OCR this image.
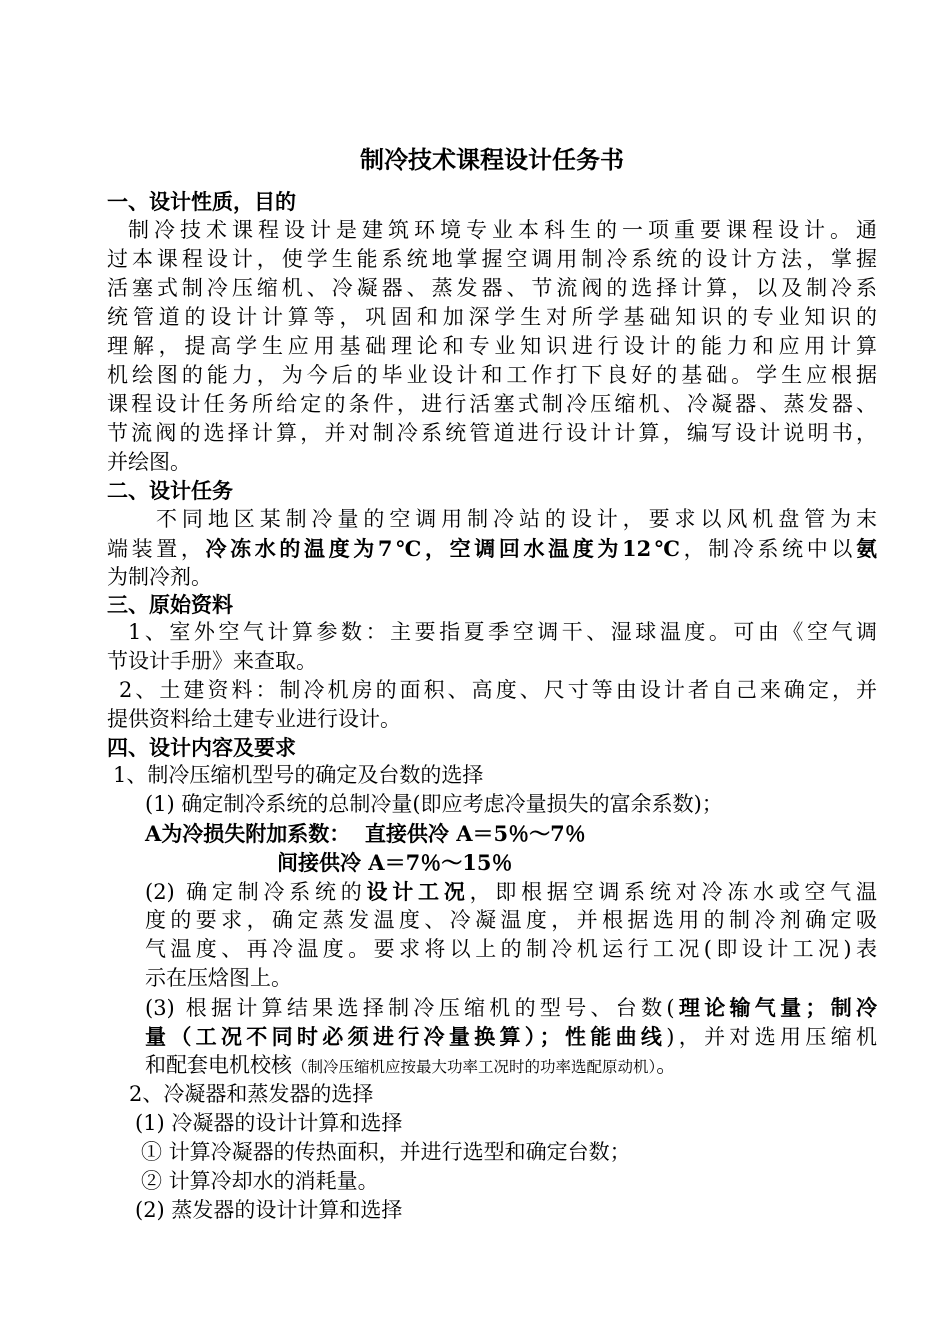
制冷技术课程设计任务书
一、设计性质，目的
制冷技术课程设计是建筑环境专业本科生的一项重要课程设计。通
过本课程设计，使学生能系统地掌握空调用制冷系统的设计方法，掌握
活塞式制冷压缩机、冷凝器、蒸发器、节流阀的选择计算，以及制冷系
统管道的设计计算等，巩固和加深学生对所学基础知识的专业知识的
理解，提高学生应用基础理论和专业知识进行设计的能力和应用计算
机绘图的能力，为今后的毕业设计和工作打下良好的基础。学生应根据
课程设计任务所给定的条件，进行活塞式制冷压缩机、冷凝器、蒸发器、
节流阀的选择计算，并对制冷系统管道进行设计计算，编写设计说明书，
并绘图。
二、设计任务
不同地区某制冷量的空调用制冷站的设计，要求以风机盘管为末
端装置，冷冻水的温度为7℃，空调回水温度为12℃，制冷系统中以氨
为制冷剂。
三、原始资料
1、室外空气计算参数：主要指夏季空调干、湿球温度。可由《空气调
节设计手册》来查取。
2、土建资料：制冷机房的面积、高度、尺寸等由设计者自己来确定，并
提供资料给土建专业进行设计。
四、设计内容及要求
1、制冷压缩机型号的确定及台数的选择
(1) 确定制冷系统的总制冷量(即应考虑冷量损失的富余系数)；
A为冷损失附加系数：  直接供冷 A＝5％～7％
间接供冷 A＝7％～15％
(2) 确定制冷系统的设计工况，即根据空调系统对冷冻水或空气温
度的要求，确定蒸发温度、冷凝温度，并根据选用的制冷剂确定吸
气温度、再冷温度。要求将以上的制冷机运行工况(即设计工况)表
示在压焓图上。
(3) 根据计算结果选择制冷压缩机的型号、台数(理论输气量；制冷
量（工况不同时必须进行冷量换算）；性能曲线)，并对选用压缩机
和配套电机校核（制冷压缩机应按最大功率工况时的功率选配原动机）。
2、冷凝器和蒸发器的选择
(1) 冷凝器的设计计算和选择
① 计算冷凝器的传热面积，并进行选型和确定台数；
② 计算冷却水的消耗量。
(2) 蒸发器的设计计算和选择
